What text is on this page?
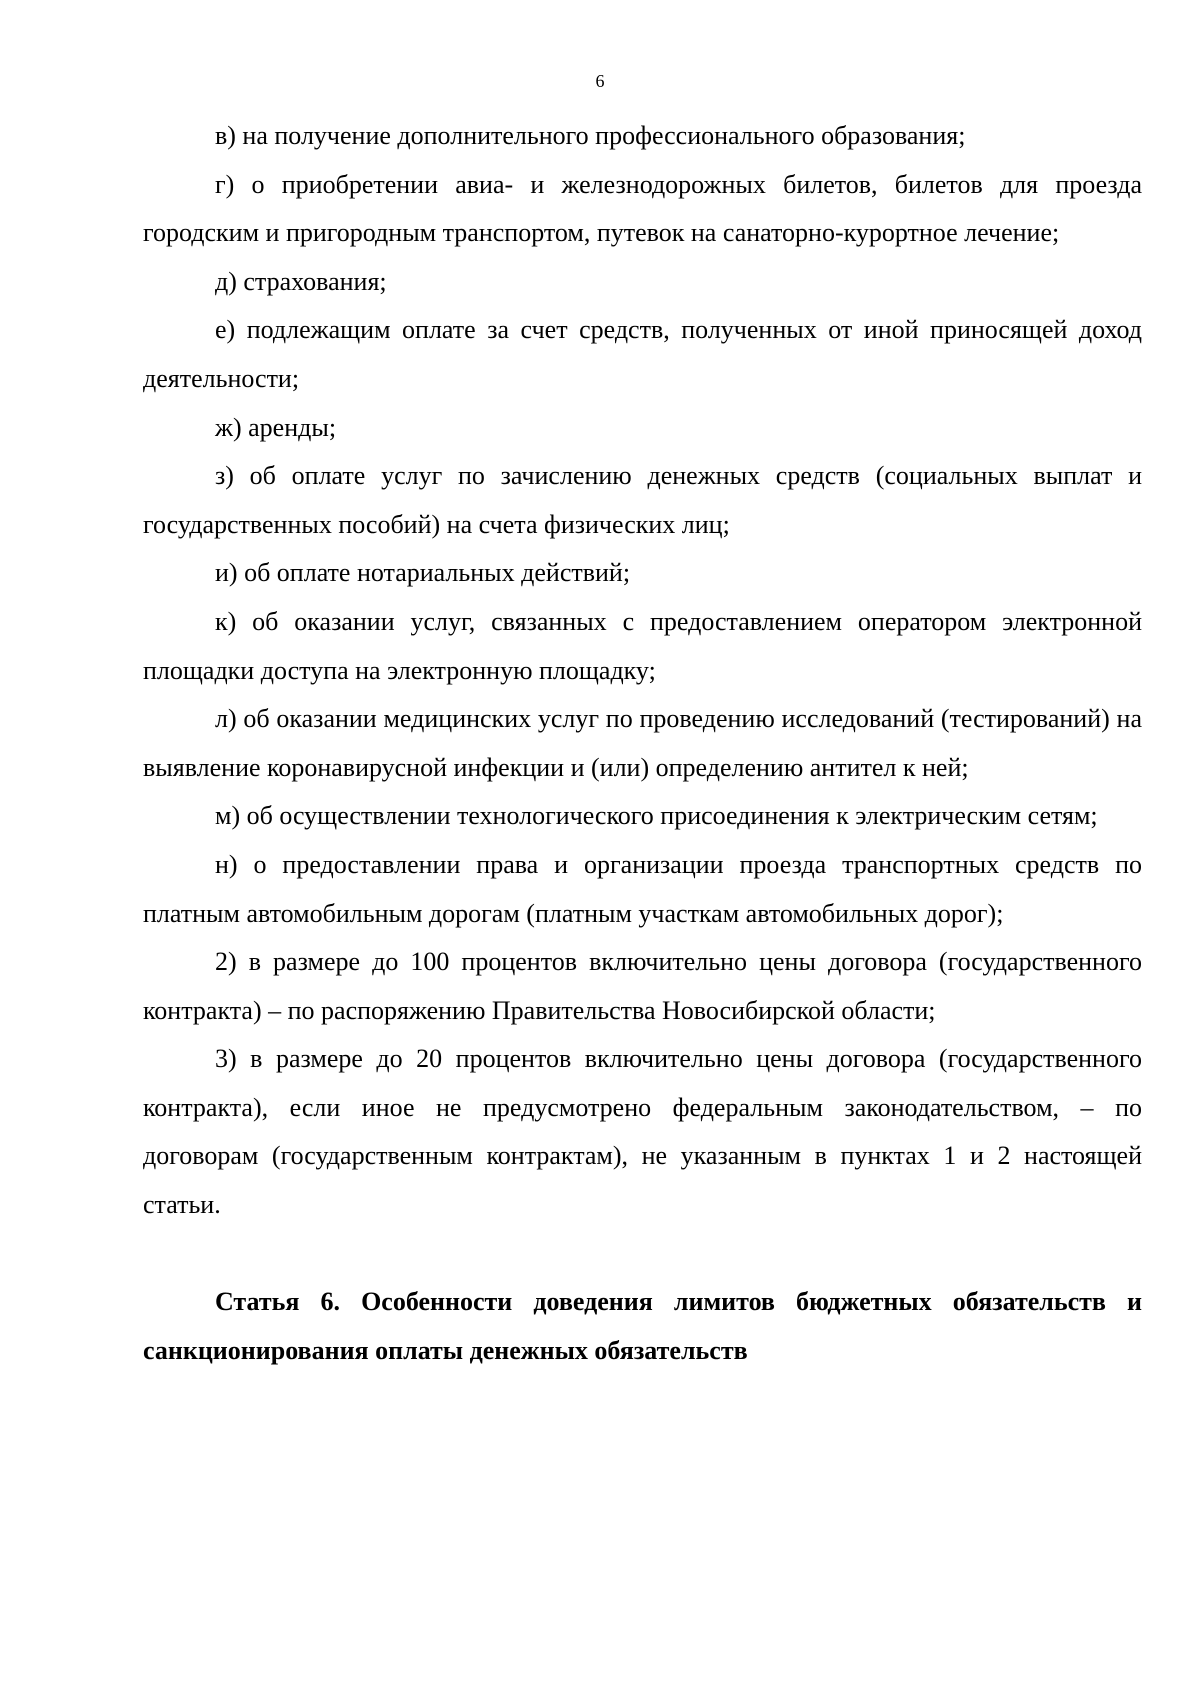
6

в) на получение дополнительного профессионального образования;

г) о приобретении авиа- и железнодорожных билетов, билетов для проезда городским и пригородным транспортом, путевок на санаторно-курортное лечение;

д) страхования;

е) подлежащим оплате за счет средств, полученных от иной приносящей доход деятельности;

ж) аренды;

з) об оплате услуг по зачислению денежных средств (социальных выплат и государственных пособий) на счета физических лиц;

и) об оплате нотариальных действий;

к) об оказании услуг, связанных с предоставлением оператором электронной площадки доступа на электронную площадку;

л) об оказании медицинских услуг по проведению исследований (тестирований) на выявление коронавирусной инфекции и (или) определению антител к ней;

м) об осуществлении технологического присоединения к электрическим сетям;

н) о предоставлении права и организации проезда транспортных средств по платным автомобильным дорогам (платным участкам автомобильных дорог);

2) в размере до 100 процентов включительно цены договора (государственного контракта) – по распоряжению Правительства Новосибирской области;

3) в размере до 20 процентов включительно цены договора (государственного контракта), если иное не предусмотрено федеральным законодательством, – по договорам (государственным контрактам), не указанным в пунктах 1 и 2 настоящей статьи.

Статья 6. Особенности доведения лимитов бюджетных обязательств и санкционирования оплаты денежных обязательств
